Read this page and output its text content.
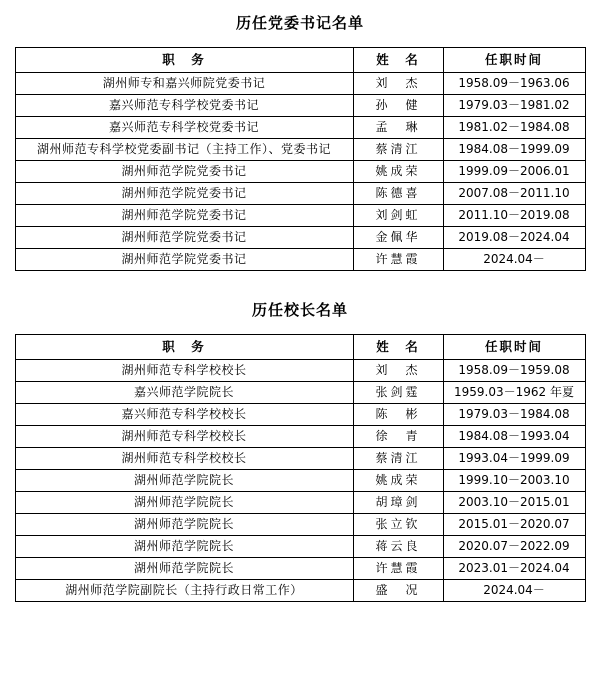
历任党委书记名单
职　务	姓　名	任职时间
湖州师专和嘉兴师院党委书记	刘　杰	1958.09－1963.06
嘉兴师范专科学校党委书记	孙　健	1979.03－1981.02
嘉兴师范专科学校党委书记	孟　琳	1981.02－1984.08
湖州师范专科学校党委副书记（主持工作）、党委书记	蔡清江	1984.08－1999.09
湖州师范学院党委书记	姚成荣	1999.09－2006.01
湖州师范学院党委书记	陈德喜	2007.08－2011.10
湖州师范学院党委书记	刘剑虹	2011.10－2019.08
湖州师范学院党委书记	金佩华	2019.08－2024.04
湖州师范学院党委书记	许慧霞	2024.04－
历任校长名单
职　务	姓　名	任职时间
湖州师范专科学校校长	刘　杰	1958.09－1959.08
嘉兴师范学院院长	张剑霆	1959.03－1962 年夏
嘉兴师范专科学校校长	陈　彬	1979.03－1984.08
湖州师范专科学校校长	徐　青	1984.08－1993.04
湖州师范专科学校校长	蔡清江	1993.04－1999.09
湖州师范学院院长	姚成荣	1999.10－2003.10
湖州师范学院院长	胡璋剑	2003.10－2015.01
湖州师范学院院长	张立钦	2015.01－2020.07
湖州师范学院院长	蒋云良	2020.07－2022.09
湖州师范学院院长	许慧霞	2023.01－2024.04
湖州师范学院副院长（主持行政日常工作）	盛　况	2024.04－
